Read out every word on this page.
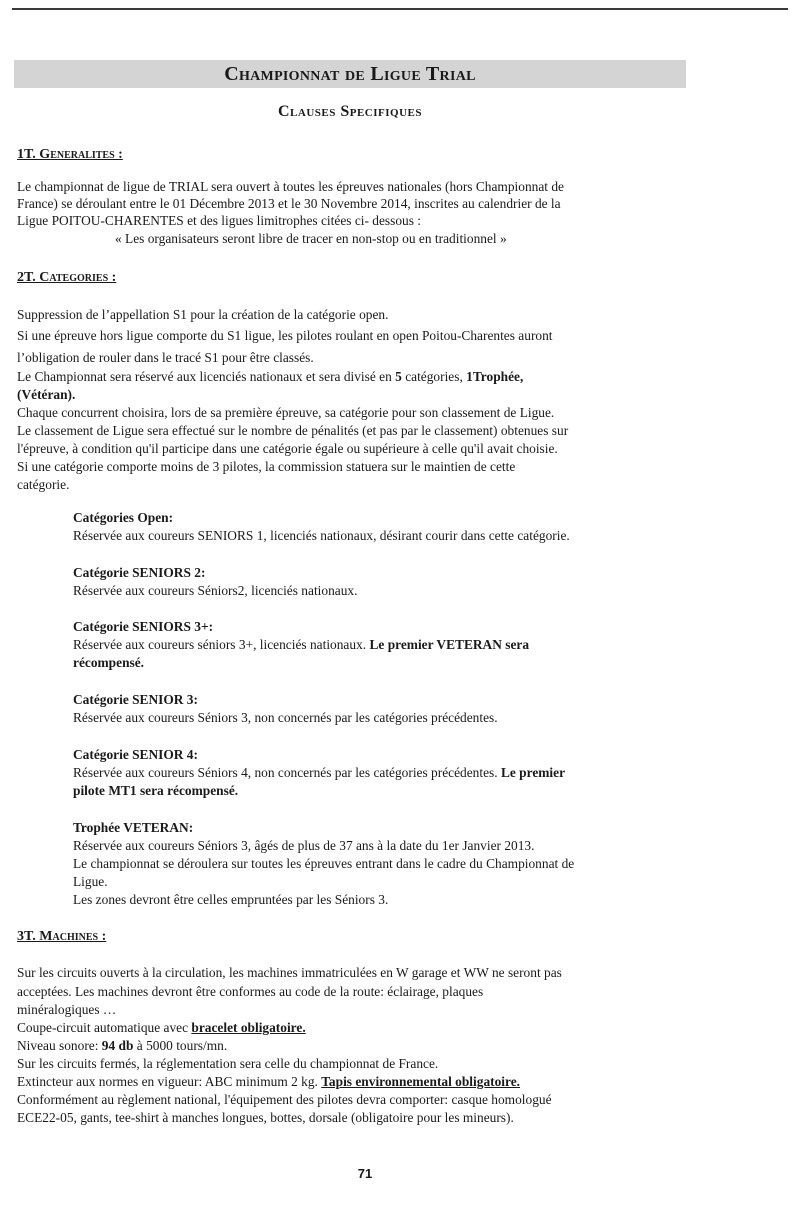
Championnat de Ligue Trial
Clauses Specifiques
1T. Generalites :
Le championnat de ligue de TRIAL sera ouvert à toutes les épreuves nationales (hors Championnat de
France) se déroulant entre le 01 Décembre 2013 et le 30 Novembre 2014, inscrites au calendrier de la
Ligue POITOU-CHARENTES et des ligues limitrophes citées ci- dessous :
« Les organisateurs seront libre de tracer en non-stop ou en traditionnel »
2T. Categories :
Suppression de l’appellation S1 pour la création de la catégorie open.
Si une épreuve hors ligue comporte du S1 ligue, les pilotes roulant en open Poitou-Charentes auront
l’obligation de rouler dans le tracé S1 pour être classés.
Le Championnat sera réservé aux licenciés nationaux et sera divisé en 5 catégories, 1Trophée,
(Vétéran).
Chaque concurrent choisira, lors de sa première épreuve, sa catégorie pour son classement de Ligue.
Le classement de Ligue sera effectué sur le nombre de pénalités (et pas par le classement) obtenues sur
l'épreuve, à condition qu'il participe dans une catégorie égale ou supérieure à celle qu'il avait choisie.
Si une catégorie comporte moins de 3 pilotes, la commission statuera sur le maintien de cette
catégorie.
Catégories Open:
Réservée aux coureurs SENIORS 1, licenciés nationaux, désirant courir dans cette catégorie.
Catégorie SENIORS 2:
Réservée aux coureurs Séniors2, licenciés nationaux.
Catégorie SENIORS 3+:
Réservée aux coureurs séniors 3+, licenciés nationaux. Le premier VETERAN sera
récompensé.
Catégorie SENIOR 3:
Réservée aux coureurs Séniors 3, non concernés par les catégories précédentes.
Catégorie SENIOR 4:
Réservée aux coureurs Séniors 4, non concernés par les catégories précédentes. Le premier
pilote MT1 sera récompensé.
Trophée VETERAN:
Réservée aux coureurs Séniors 3, âgés de plus de 37 ans à la date du 1er Janvier 2013.
Le championnat se déroulera sur toutes les épreuves entrant dans le cadre du Championnat de
Ligue.
Les zones devront être celles empruntées par les Séniors 3.
3T. Machines :
Sur les circuits ouverts à la circulation, les machines immatriculées en W garage et WW ne seront pas
acceptées. Les machines devront être conformes au code de la route: éclairage, plaques
minéralogiques …
Coupe-circuit automatique avec bracelet obligatoire.
Niveau sonore: 94 db à 5000 tours/mn.
Sur les circuits fermés, la réglementation sera celle du championnat de France.
Extincteur aux normes en vigueur: ABC minimum 2 kg. Tapis environnemental obligatoire.
Conformément au règlement national, l'équipement des pilotes devra comporter: casque homologué
ECE22-05, gants, tee-shirt à manches longues, bottes, dorsale (obligatoire pour les mineurs).
71
